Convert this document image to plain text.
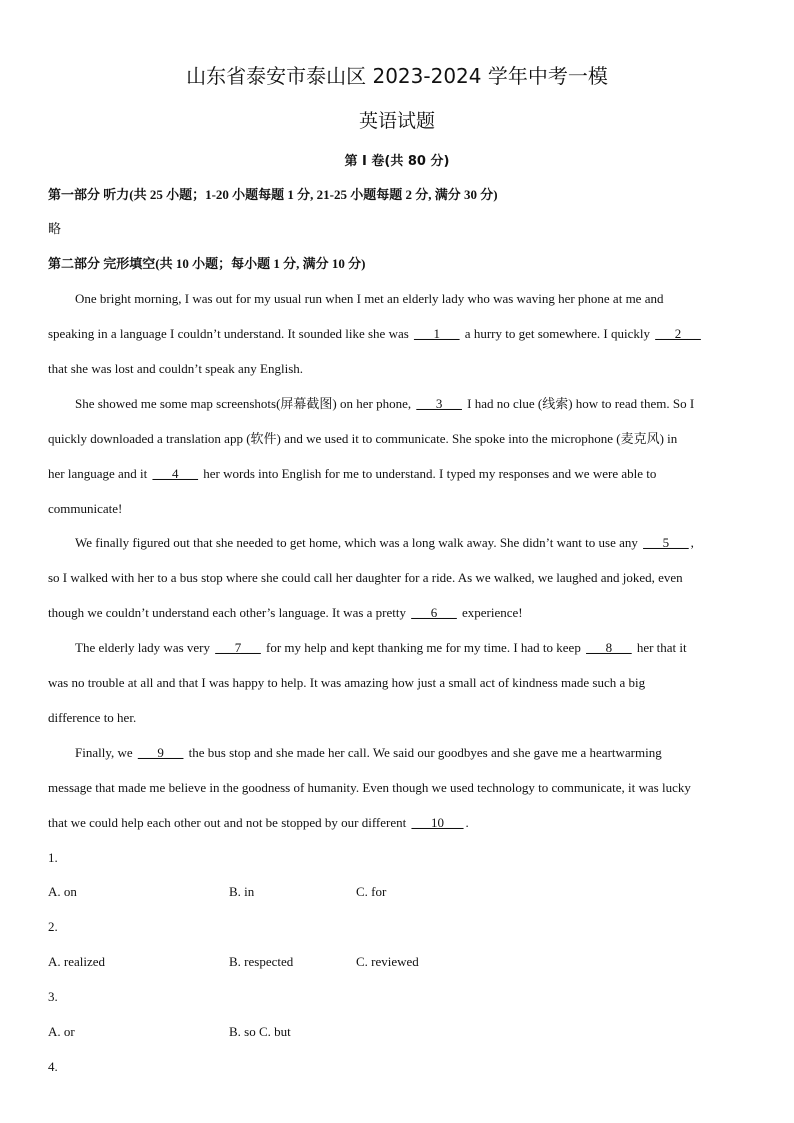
山东省泰安市泰山区 2023-2024 学年中考一模
英语试题
第 I 卷(共 80 分)
第一部分 听力(共 25 小题；1-20 小题每题 1 分, 21-25 小题每题 2 分, 满分 30 分)
略
第二部分 完形填空(共 10 小题；每小题 1 分, 满分 10 分)
One bright morning, I was out for my usual run when I met an elderly lady who was waving her phone at me and
speaking in a language I couldn’t understand. It sounded like she was ___1___ a hurry to get somewhere. I quickly ___2___
that she was lost and couldn’t speak any English.
She showed me some map screenshots(屏幕截图) on her phone, ___3___ I had no clue (线索) how to read them. So I
quickly downloaded a translation app (软件) and we used it to communicate. She spoke into the microphone (麦克风) in
her language and it ___4___ her words into English for me to understand. I typed my responses and we were able to
communicate!
We finally figured out that she needed to get home, which was a long walk away. She didn’t want to use any ___5___ ,
so I walked with her to a bus stop where she could call her daughter for a ride. As we walked, we laughed and joked, even
though we couldn’t understand each other’s language. It was a pretty ___6___ experience!
The elderly lady was very ___7___ for my help and kept thanking me for my time. I had to keep ___8___ her that it
was no trouble at all and that I was happy to help. It was amazing how just a small act of kindness made such a big
difference to her.
Finally, we ___9___ the bus stop and she made her call. We said our goodbyes and she gave me a heartwarming
message that made me believe in the goodness of humanity. Even though we used technology to communicate, it was lucky
that we could help each other out and not be stopped by our different ___10___ .
1.
A. on	B. in	C. for
2.
A. realized	B. respected	C. reviewed
3.
A. or	B. so C. but
4.
